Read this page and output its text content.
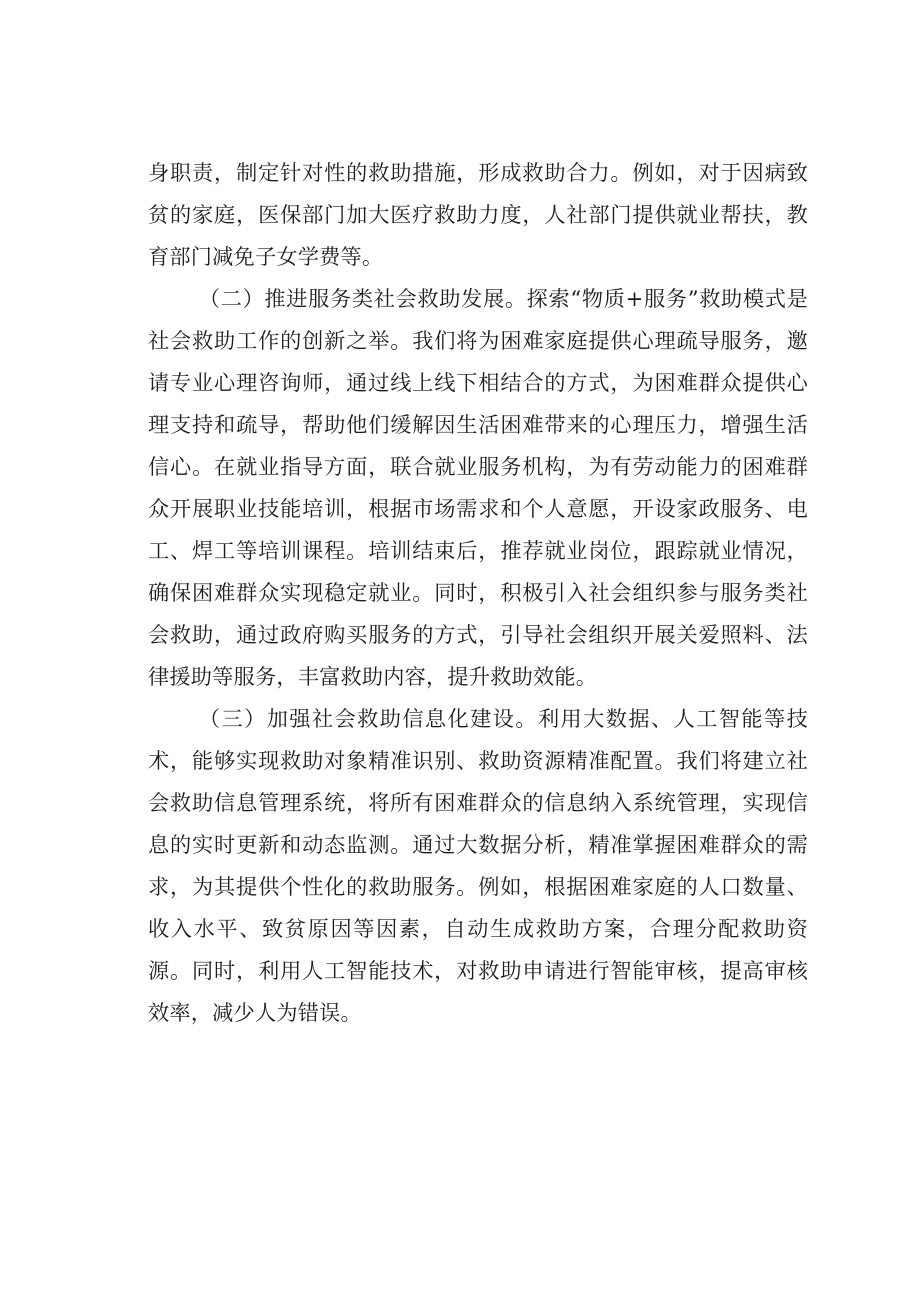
身职责，制定针对性的救助措施，形成救助合力。例如，对于因病致贫的家庭，医保部门加大医疗救助力度，人社部门提供就业帮扶，教育部门减免子女学费等。

（二）推进服务类社会救助发展。探索“物质+服务”救助模式是社会救助工作的创新之举。我们将为困难家庭提供心理疏导服务，邀请专业心理咨询师，通过线上线下相结合的方式，为困难群众提供心理支持和疏导，帮助他们缓解因生活困难带来的心理压力，增强生活信心。在就业指导方面，联合就业服务机构，为有劳动能力的困难群众开展职业技能培训，根据市场需求和个人意愿，开设家政服务、电工、焊工等培训课程。培训结束后，推荐就业岗位，跟踪就业情况，确保困难群众实现稳定就业。同时，积极引入社会组织参与服务类社会救助，通过政府购买服务的方式，引导社会组织开展关爱照料、法律援助等服务，丰富救助内容，提升救助效能。

（三）加强社会救助信息化建设。利用大数据、人工智能等技术，能够实现救助对象精准识别、救助资源精准配置。我们将建立社会救助信息管理系统，将所有困难群众的信息纳入系统管理，实现信息的实时更新和动态监测。通过大数据分析，精准掌握困难群众的需求，为其提供个性化的救助服务。例如，根据困难家庭的人口数量、收入水平、致贫原因等因素，自动生成救助方案，合理分配救助资源。同时，利用人工智能技术，对救助申请进行智能审核，提高审核效率，减少人为错误。
